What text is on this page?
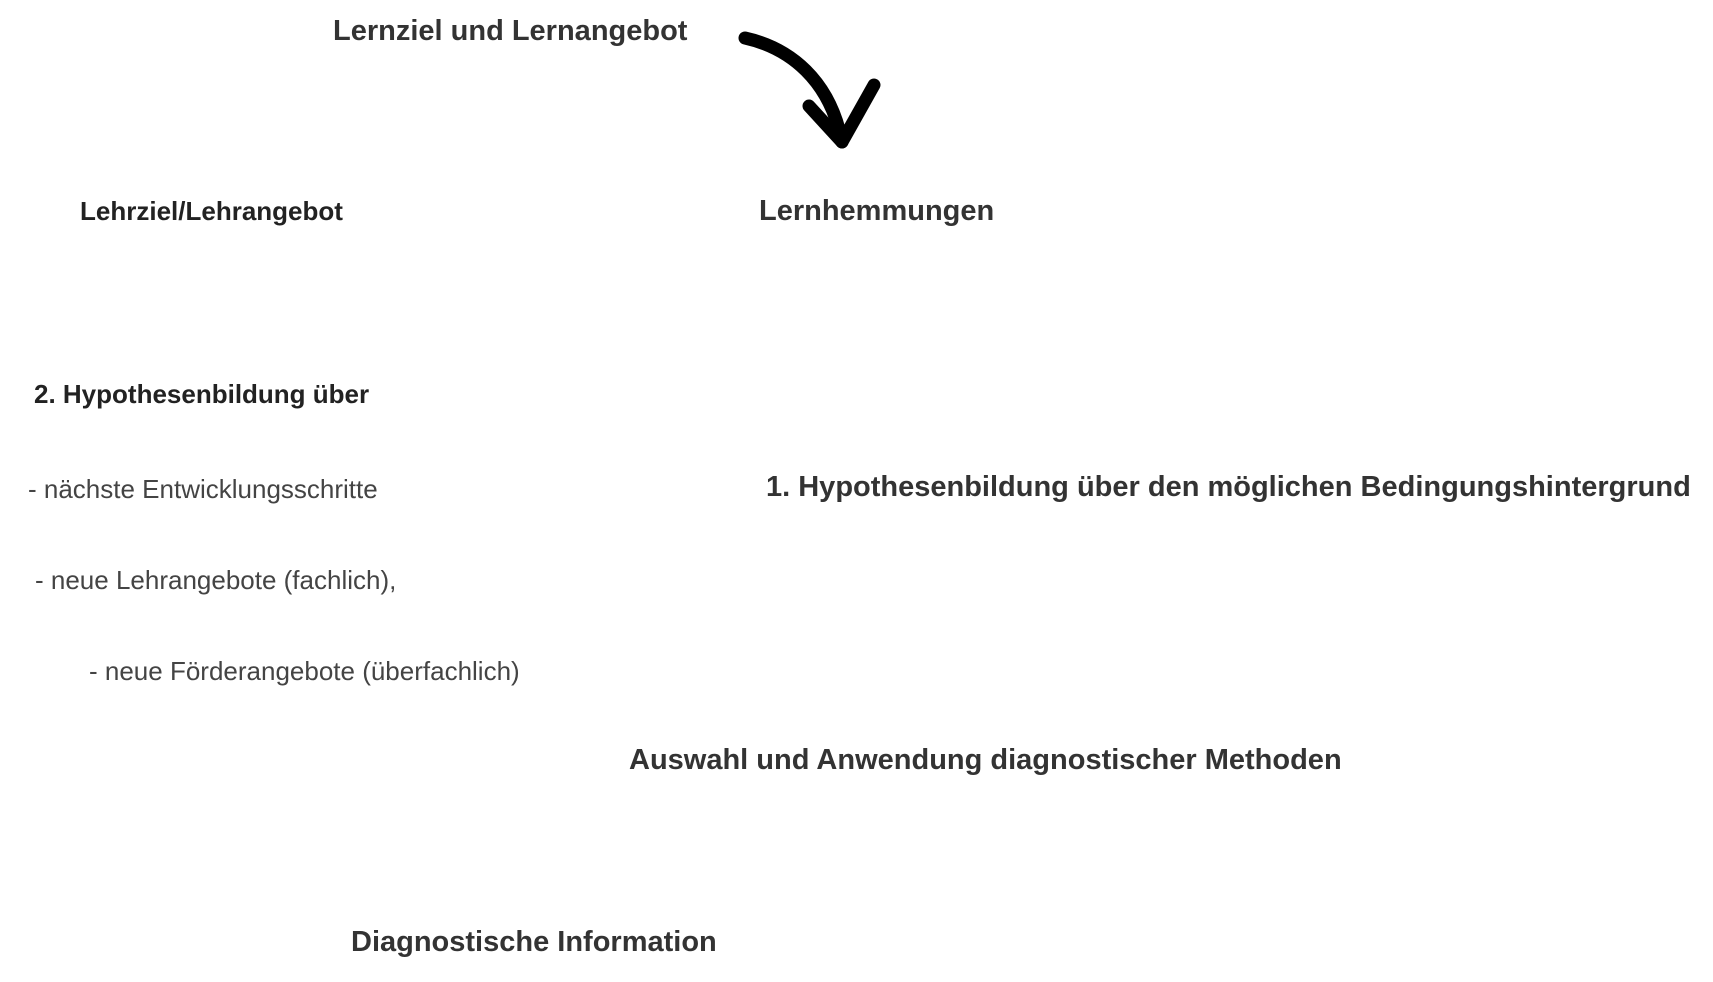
Lernziel und Lernangebot
Lehrziel/Lehrangebot	Lernhemmungen
2. Hypothesenbildung über
- nächste Entwicklungsschritte
- neue Lehrangebote (fachlich),
- neue Förderangebote (überfachlich)
1. Hypothesenbildung über den möglichen Bedingungshintergrund
Auswahl und Anwendung diagnostischer Methoden
Diagnostische Information
